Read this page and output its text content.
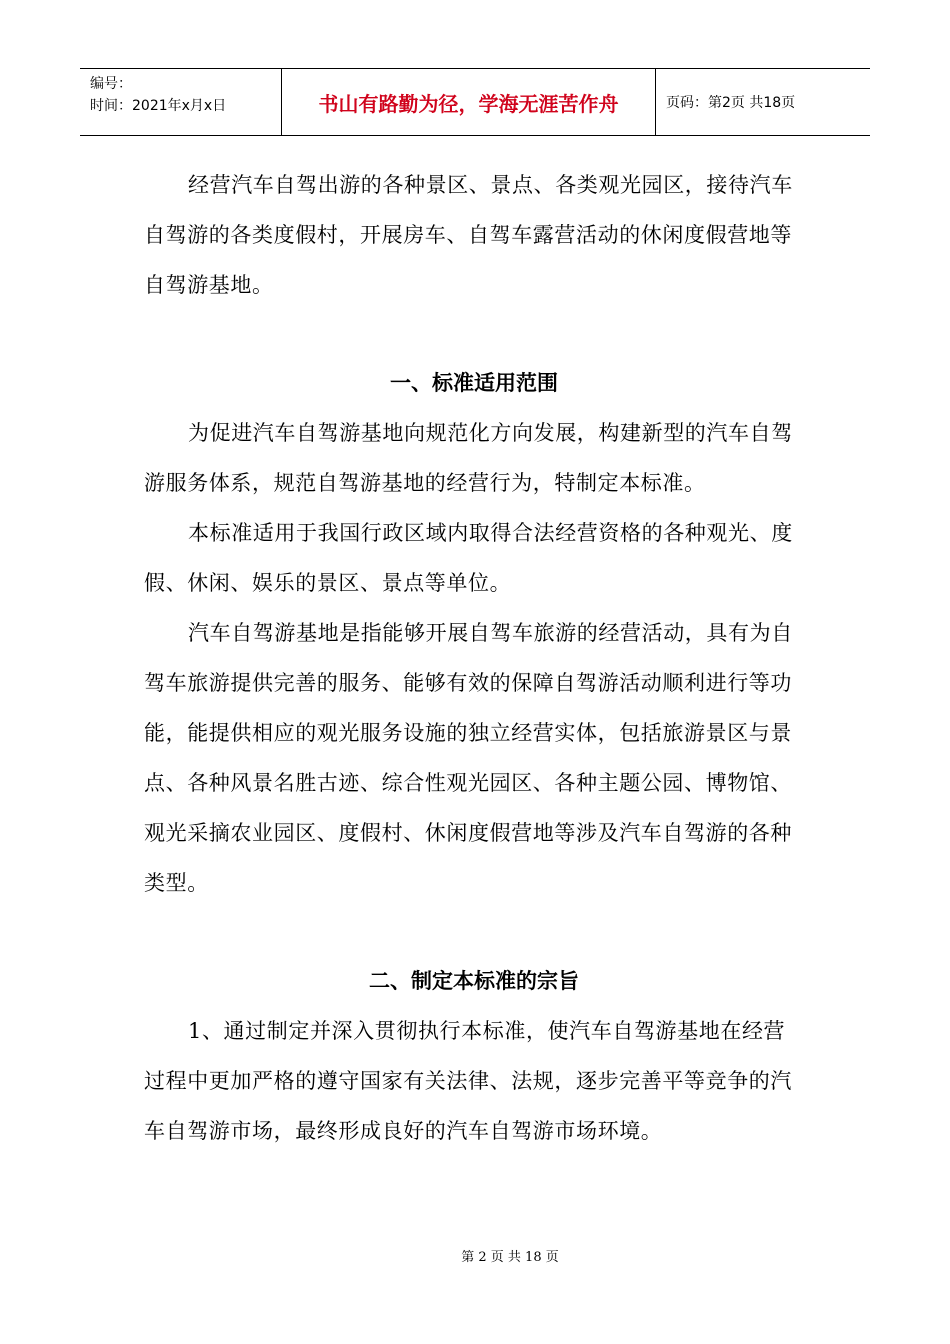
编号：
时间：2021年x月x日	书山有路勤为径，学海无涯苦作舟	页码：第2页 共18页

经营汽车自驾出游的各种景区、景点、各类观光园区，接待汽车自驾游的各类度假村，开展房车、自驾车露营活动的休闲度假营地等自驾游基地。

一、标准适用范围

为促进汽车自驾游基地向规范化方向发展，构建新型的汽车自驾游服务体系，规范自驾游基地的经营行为，特制定本标准。

本标准适用于我国行政区域内取得合法经营资格的各种观光、度假、休闲、娱乐的景区、景点等单位。

汽车自驾游基地是指能够开展自驾车旅游的经营活动，具有为自驾车旅游提供完善的服务、能够有效的保障自驾游活动顺利进行等功能，能提供相应的观光服务设施的独立经营实体，包括旅游景区与景点、各种风景名胜古迹、综合性观光园区、各种主题公园、博物馆、观光采摘农业园区、度假村、休闲度假营地等涉及汽车自驾游的各种类型。

二、制定本标准的宗旨

1、通过制定并深入贯彻执行本标准，使汽车自驾游基地在经营过程中更加严格的遵守国家有关法律、法规，逐步完善平等竞争的汽车自驾游市场，最终形成良好的汽车自驾游市场环境。

第 2 页 共 18 页
